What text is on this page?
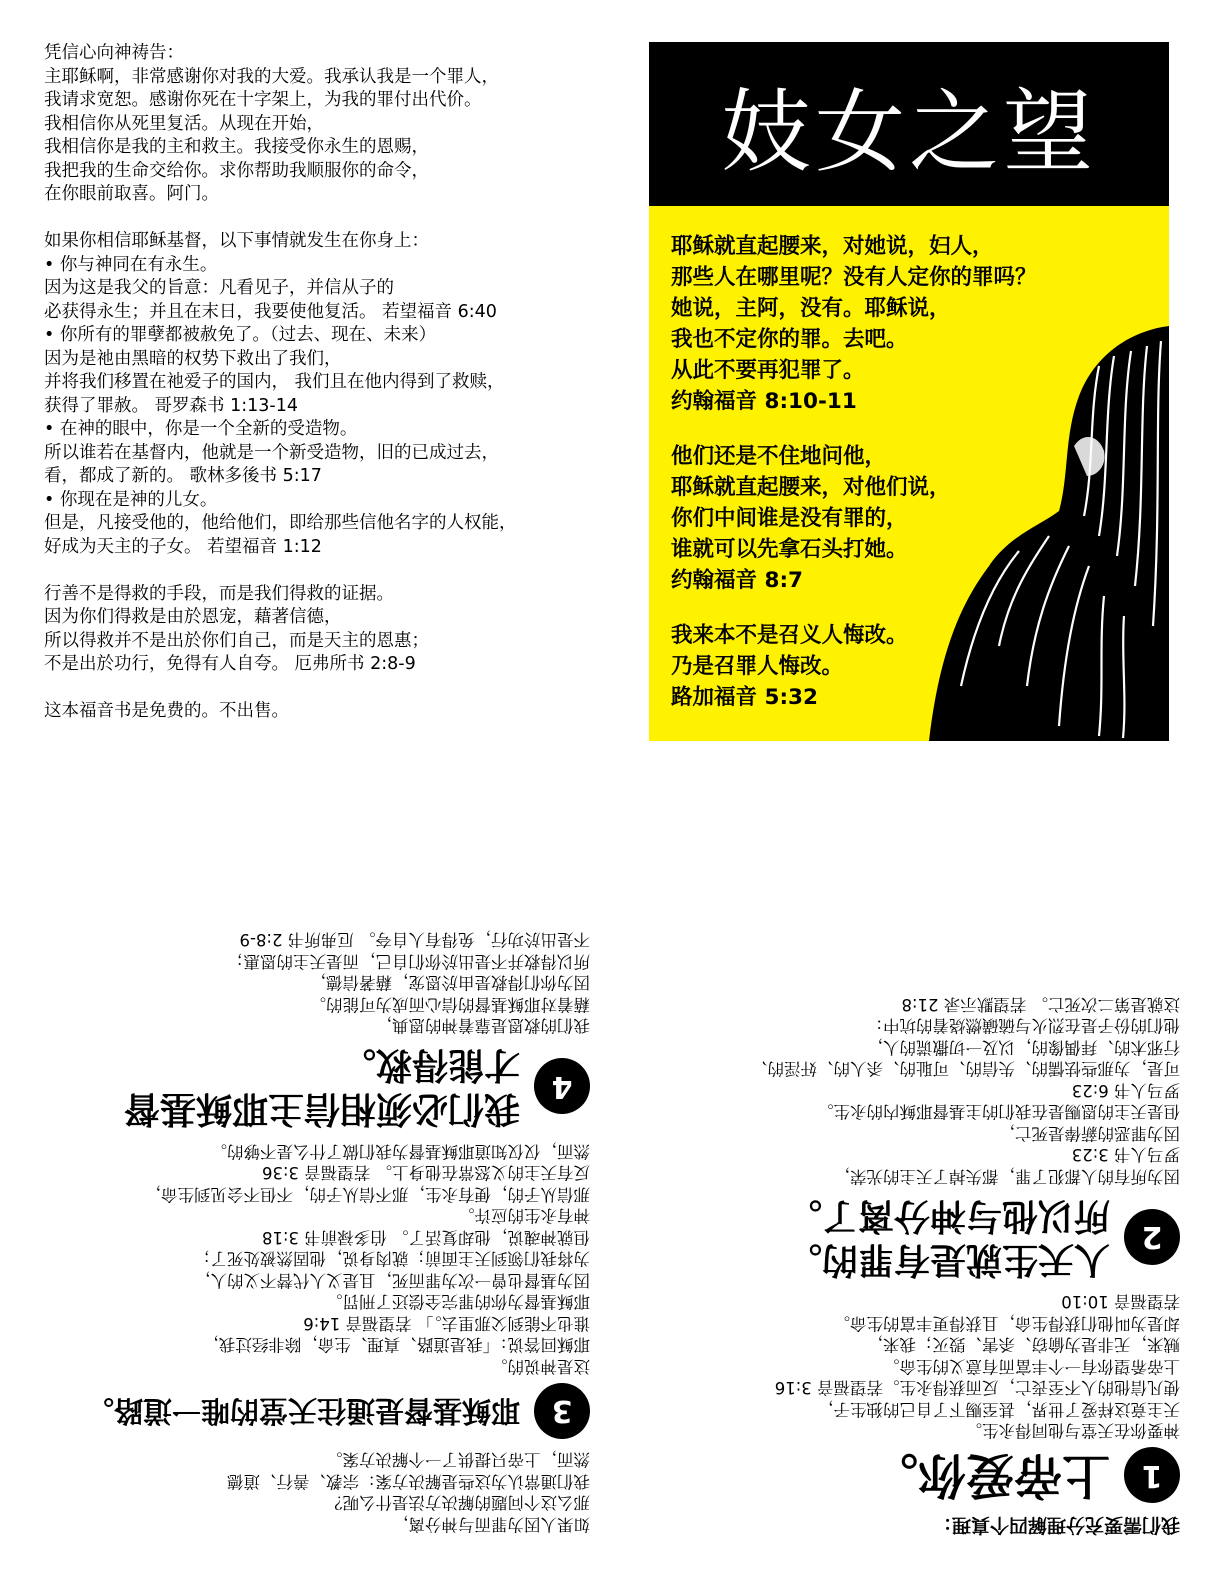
凭信心向神祷告：

主耶稣啊，非常感谢你对我的大爱。我承认我是一个罪人，

我请求宽恕。感谢你死在十字架上，为我的罪付出代价。

我相信你从死里复活。从现在开始，

我相信你是我的主和救主。我接受你永生的恩赐，

我把我的生命交给你。求你帮助我顺服你的命令，

在你眼前取喜。阿门。

如果你相信耶稣基督，以下事情就发生在你身上：

• 你与神同在有永生。

因为这是我父的旨意：凡看见子，并信从子的

必获得永生；并且在末日，我要使他复活。 若望福音 6:40

• 你所有的罪孽都被赦免了。（过去、现在、未来）

因为是祂由黑暗的权势下救出了我们，

并将我们移置在祂爱子的国内， 我们且在他内得到了救赎，

获得了罪赦。 哥罗森书 1:13-14

• 在神的眼中，你是一个全新的受造物。

所以谁若在基督内，他就是一个新受造物，旧的已成过去，

看，都成了新的。 歌林多後书 5:17

• 你现在是神的儿女。

但是，凡接受他的，他给他们，即给那些信他名字的人权能，

好成为天主的子女。 若望福音 1:12

行善不是得救的手段，而是我们得救的证据。

因为你们得救是由於恩宠，藉著信德，

所以得救并不是出於你们自己，而是天主的恩惠；

不是出於功行，免得有人自夸。 厄弗所书 2:8-9

这本福音书是免费的。不出售。

妓女之望

耶稣就直起腰来，对她说，妇人，
那些人在哪里呢？没有人定你的罪吗？
她说，主阿，没有。耶稣说，
我也不定你的罪。去吧。
从此不要再犯罪了。
约翰福音 8:10-11

他们还是不住地问他，
耶稣就直起腰来，对他们说，
你们中间谁是没有罪的，
谁就可以先拿石头打她。
约翰福音 8:7

我来本不是召义人悔改。
乃是召罪人悔改。
路加福音 5:32

我们需要充分理解四个真理：

1
上帝爱你。

神要你在天堂与他同得永生。
天主竟这样爱了世界，甚至赐下了自己的独生子，
使凡信他的人不至丧亡，反而获得永生。若望福音 3:16
上帝希望你有一个丰富而有意义的生命。
贼来，无非是为偷窃、杀害、毁灭；我来，
却是为叫他们获得生命，且获得更丰富的生命。
若望福音 10:10

2
人天生就是有罪的。
所以他与神分离了。

因为所有的人都犯了罪，都失掉了天主的光荣，
罗马人书 3:23
因为罪恶的薪俸是死亡，
但是天主的恩赐是在我们的主基督耶稣内的永生。
罗马人书 6:23
可是，为那些怯懦的、失信的、可耻的、杀人的、奸淫的、
行邪术的、拜偶像的，以及一切撒谎的人，
他们的份子是在烈火与硫磺燃烧着的坑中：
这就是第二次死亡。 若望默示录 21:8

如果人因为罪而与神分离，
那么这个问题的解决方法是什么呢？
我们通常认为这些是解决方案：宗教、善行、道德
然而，上帝只提供了一个解决方案。

3
耶稣基督是通往天堂的唯一道路。

这是神说的。
耶稣回答说：「我是道路、真理、生命，除非经过我，
谁也不能到父那里去。」 若望福音 14:6
耶稣基督为你的罪完全偿还了刑罚。
因为基督也曾一次为罪而死，且是义人代替不义的人，
为将我们领到天主面前；就肉身说，他固然被处死了；
但就神魂说，他却复活了。 伯多禄前书 3:18
神有永生的应许。
那信从子的，便有永生，那不信从子的，不但不会见到生命，
反有天主的义怒常在他身上。 若望福音 3:36
然而，仅仅知道耶稣基督为我们做了什么是不够的。

4
我们必须相信主耶稣基督
才能得救。

我们的救恩是靠着神的恩典，
藉着对耶稣基督的信心而成为可能的。
因为你们得救是由於恩宠，藉著信德，
所以得救并不是出於你们自己，而是天主的恩惠；
不是出於功行，免得有人自夸。 厄弗所书 2:8-9
